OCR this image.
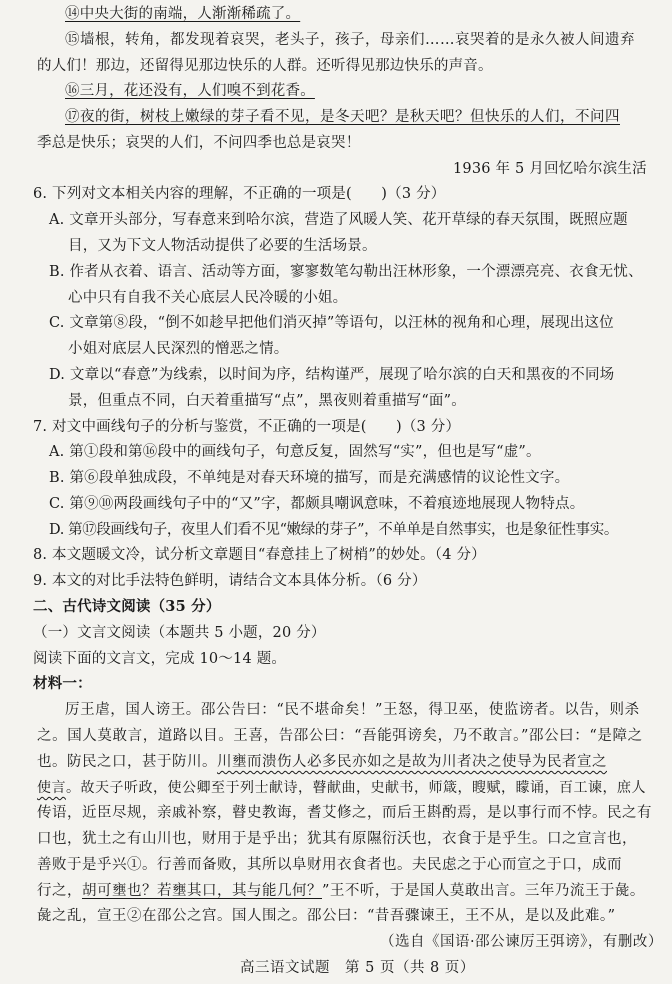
⑭中央大街的南端，人渐渐稀疏了。
⑮墙根，转角，都发现着哀哭，老头子，孩子，母亲们……哀哭着的是永久被人间遗弃
的人们！那边，还留得见那边快乐的人群。还听得见那边快乐的声音。
⑯三月，花还没有，人们嗅不到花香。
⑰夜的街，树枝上嫩绿的芽子看不见，是冬天吧？是秋天吧？但快乐的人们，不问四
季总是快乐；哀哭的人们，不问四季也总是哀哭！
1936 年 5 月回忆哈尔滨生活
6. 下列对文本相关内容的理解，不正确的一项是(　　)（3 分）
A. 文章开头部分，写春意来到哈尔滨，营造了风暖人笑、花开草绿的春天氛围，既照应题
目，又为下文人物活动提供了必要的生活场景。
B. 作者从衣着、语言、活动等方面，寥寥数笔勾勒出汪林形象，一个漂漂亮亮、衣食无忧、
心中只有自我不关心底层人民冷暖的小姐。
C. 文章第⑧段，“倒不如趁早把他们消灭掉”等语句，以汪林的视角和心理，展现出这位
小姐对底层人民深烈的憎恶之情。
D. 文章以“春意”为线索，以时间为序，结构谨严，展现了哈尔滨的白天和黑夜的不同场
景，但重点不同，白天着重描写“点”，黑夜则着重描写“面”。
7. 对文中画线句子的分析与鉴赏，不正确的一项是(　　)（3 分）
A. 第①段和第⑯段中的画线句子，句意反复，固然写“实”，但也是写“虚”。
B. 第⑥段单独成段，不单纯是对春天环境的描写，而是充满感情的议论性文字。
C. 第⑨⑩两段画线句子中的“又”字，都颇具嘲讽意味，不着痕迹地展现人物特点。
D. 第⑰段画线句子，夜里人们看不见“嫩绿的芽子”，不单单是自然事实，也是象征性事实。
8. 本文题暖文冷，试分析文章题目“春意挂上了树梢”的妙处。（4 分）
9. 本文的对比手法特色鲜明，请结合文本具体分析。（6 分）
二、古代诗文阅读（35 分）
（一）文言文阅读（本题共 5 小题，20 分）
阅读下面的文言文，完成 10～14 题。
材料一：
厉王虐，国人谤王。邵公告曰：“民不堪命矣！”王怒，得卫巫，使监谤者。以告，则杀
之。国人莫敢言，道路以目。王喜，告邵公曰：“吾能弭谤矣，乃不敢言。”邵公曰：“是障之
也。防民之口，甚于防川。川壅而溃伤人必多民亦如之是故为川者决之使导为民者宣之
使言。故天子听政，使公卿至于列士献诗，瞽献曲，史献书，师箴，瞍赋，矇诵，百工谏，庶人
传语，近臣尽规，亲戚补察，瞽史教诲，耆艾修之，而后王斟酌焉，是以事行而不悖。民之有
口也，犹土之有山川也，财用于是乎出；犹其有原隰衍沃也，衣食于是乎生。口之宣言也，
善败于是乎兴①。行善而备败，其所以阜财用衣食者也。夫民虑之于心而宣之于口，成而
行之，胡可壅也？若壅其口，其与能几何？”王不听，于是国人莫敢出言。三年乃流王于彘。
彘之乱，宣王②在邵公之宫。国人围之。邵公曰：“昔吾骤谏王，王不从，是以及此难。”
（选自《国语·邵公谏厉王弭谤》，有删改）
高三语文试题　第 5 页（共 8 页）
